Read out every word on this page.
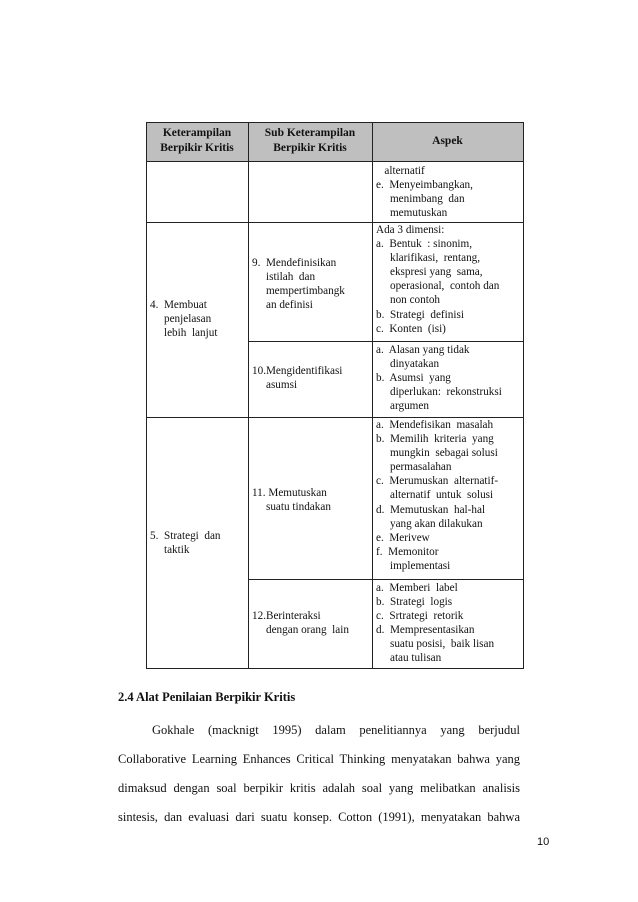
Keterampilan
Berpikir Kritis
Sub Keterampilan
Berpikir Kritis
Aspek
alternatif
e.  Menyeimbangkan,
menimbang  dan
memutuskan
4.  Membuat
penjelasan
lebih  lanjut
9.  Mendefinisikan
istilah  dan
mempertimbangk
an definisi
Ada 3 dimensi:
a.  Bentuk  : sinonim,
klarifikasi,  rentang,
ekspresi yang  sama,
operasional,  contoh dan
non contoh
b.  Strategi  definisi
c.  Konten  (isi)
10.Mengidentifikasi
asumsi
a.  Alasan yang tidak
dinyatakan
b.  Asumsi  yang
diperlukan:  rekonstruksi
argumen
5.  Strategi  dan
taktik
11. Memutuskan
suatu tindakan
a.  Mendefisikan  masalah
b.  Memilih  kriteria  yang
mungkin  sebagai solusi
permasalahan
c.  Merumuskan  alternatif-
alternatif  untuk  solusi
d.  Memutuskan  hal-hal
yang akan dilakukan
e.  Merivew
f.  Memonitor
implementasi
12.Berinteraksi
dengan orang  lain
a.  Memberi  label
b.  Strategi  logis
c.  Srtrategi  retorik
d.  Mempresentasikan
suatu posisi,  baik lisan
atau tulisan
2.4 Alat Penilaian Berpikir Kritis
Gokhale (macknigt 1995) dalam penelitiannya yang berjudul
Collaborative Learning Enhances Critical Thinking menyatakan bahwa yang
dimaksud dengan soal berpikir kritis adalah soal yang melibatkan analisis
sintesis, dan evaluasi dari suatu konsep. Cotton (1991), menyatakan bahwa
10
